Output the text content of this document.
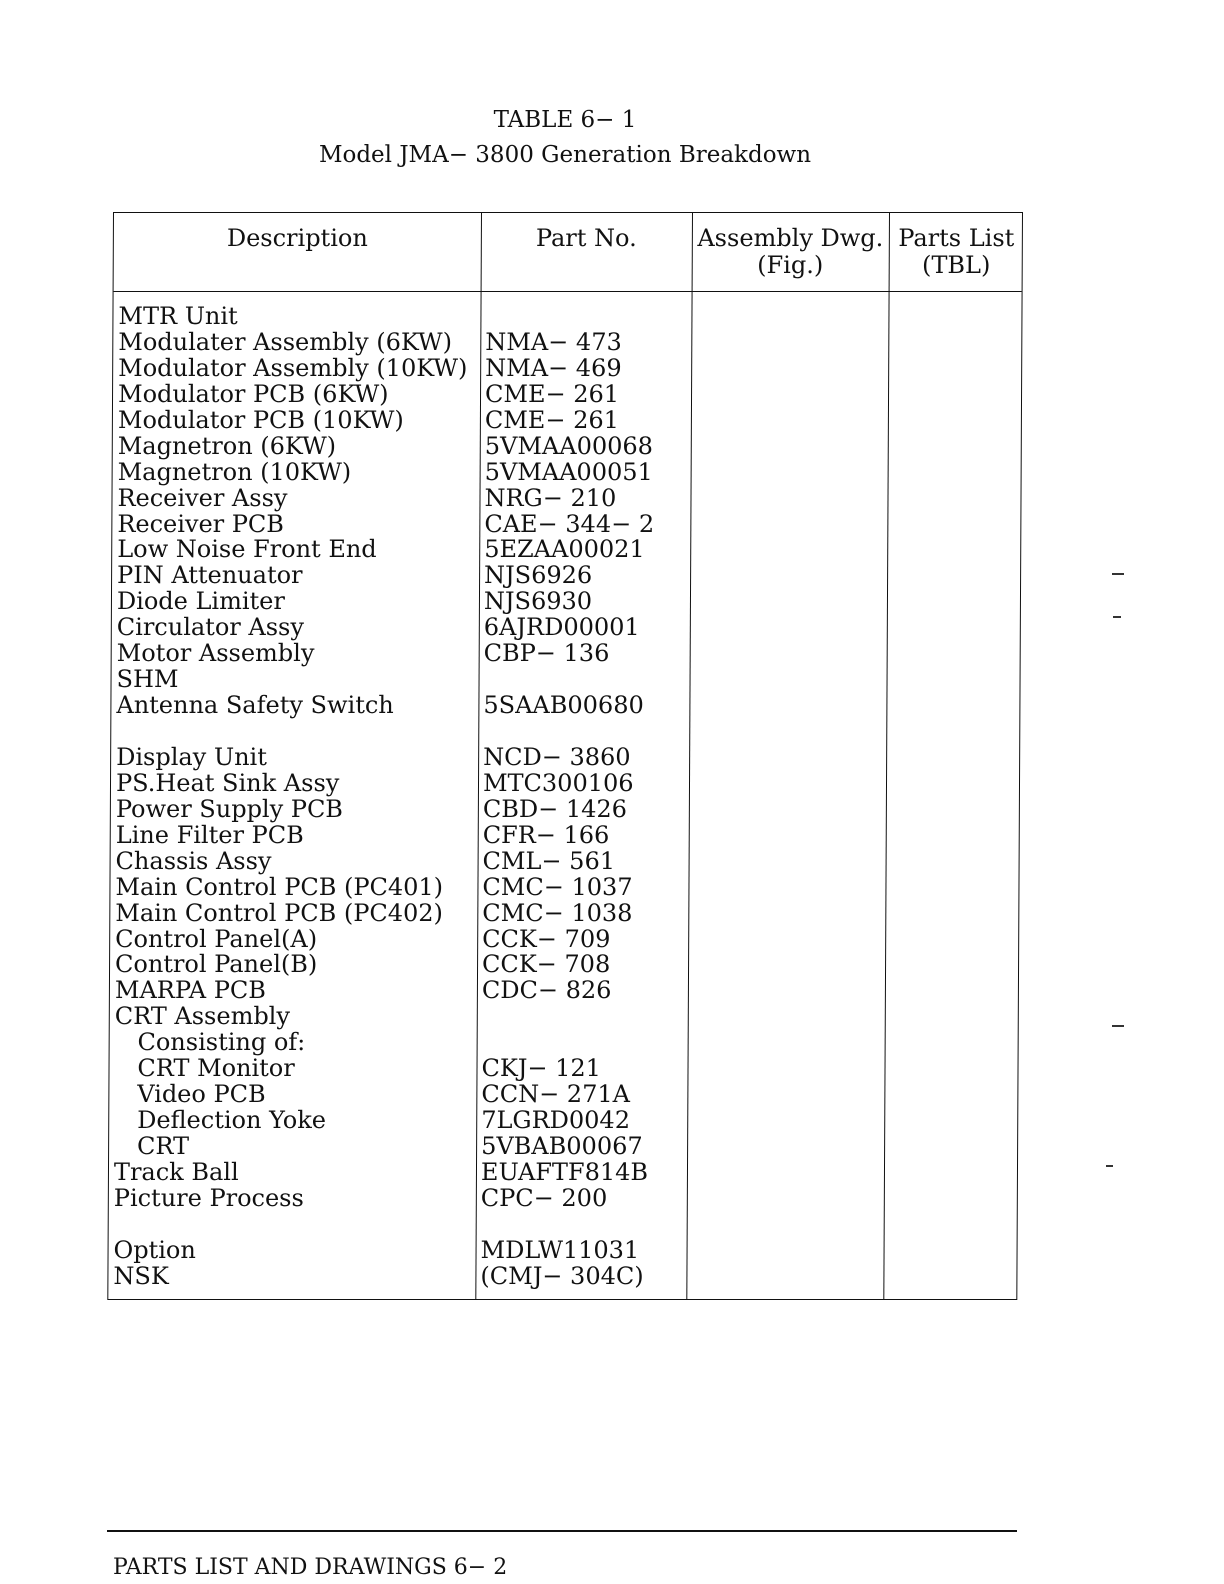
TABLE 6− 1
Model JMA− 3800 Generation Breakdown
Description	Part No.	Assembly Dwg.
(Fig.)
Parts List
(TBL)
MTR Unit
Modulater Assembly (6KW)
Modulator Assembly (10KW)
Modulator PCB (6KW)
Modulator PCB (10KW)
Magnetron (6KW)
Magnetron (10KW)
Receiver Assy
Receiver PCB
Low Noise Front End
PIN Attenuator
Diode Limiter
Circulator Assy
Motor Assembly
SHM
Antenna Safety Switch
Display Unit
PS.Heat Sink Assy
Power Supply PCB
Line Filter PCB
Chassis Assy
Main Control PCB (PC401)
Main Control PCB (PC402)
Control Panel(A)
Control Panel(B)
MARPA PCB
CRT Assembly
Consisting of:
CRT Monitor
Video PCB
Deflection Yoke
CRT
Track Ball
Picture Process
Option
NSK
NMA− 473
NMA− 469
CME− 261
CME− 261
5VMAA00068
5VMAA00051
NRG− 210
CAE− 344− 2
5EZAA00021
NJS6926
NJS6930
6AJRD00001
CBP− 136
5SAAB00680
NCD− 3860
MTC300106
CBD− 1426
CFR− 166
CML− 561
CMC− 1037
CMC− 1038
CCK− 709
CCK− 708
CDC− 826
CKJ− 121
CCN− 271A
7LGRD0042
5VBAB00067
EUAFTF814B
CPC− 200
MDLW11031
(CMJ− 304C)
PARTS LIST AND DRAWINGS 6− 2
